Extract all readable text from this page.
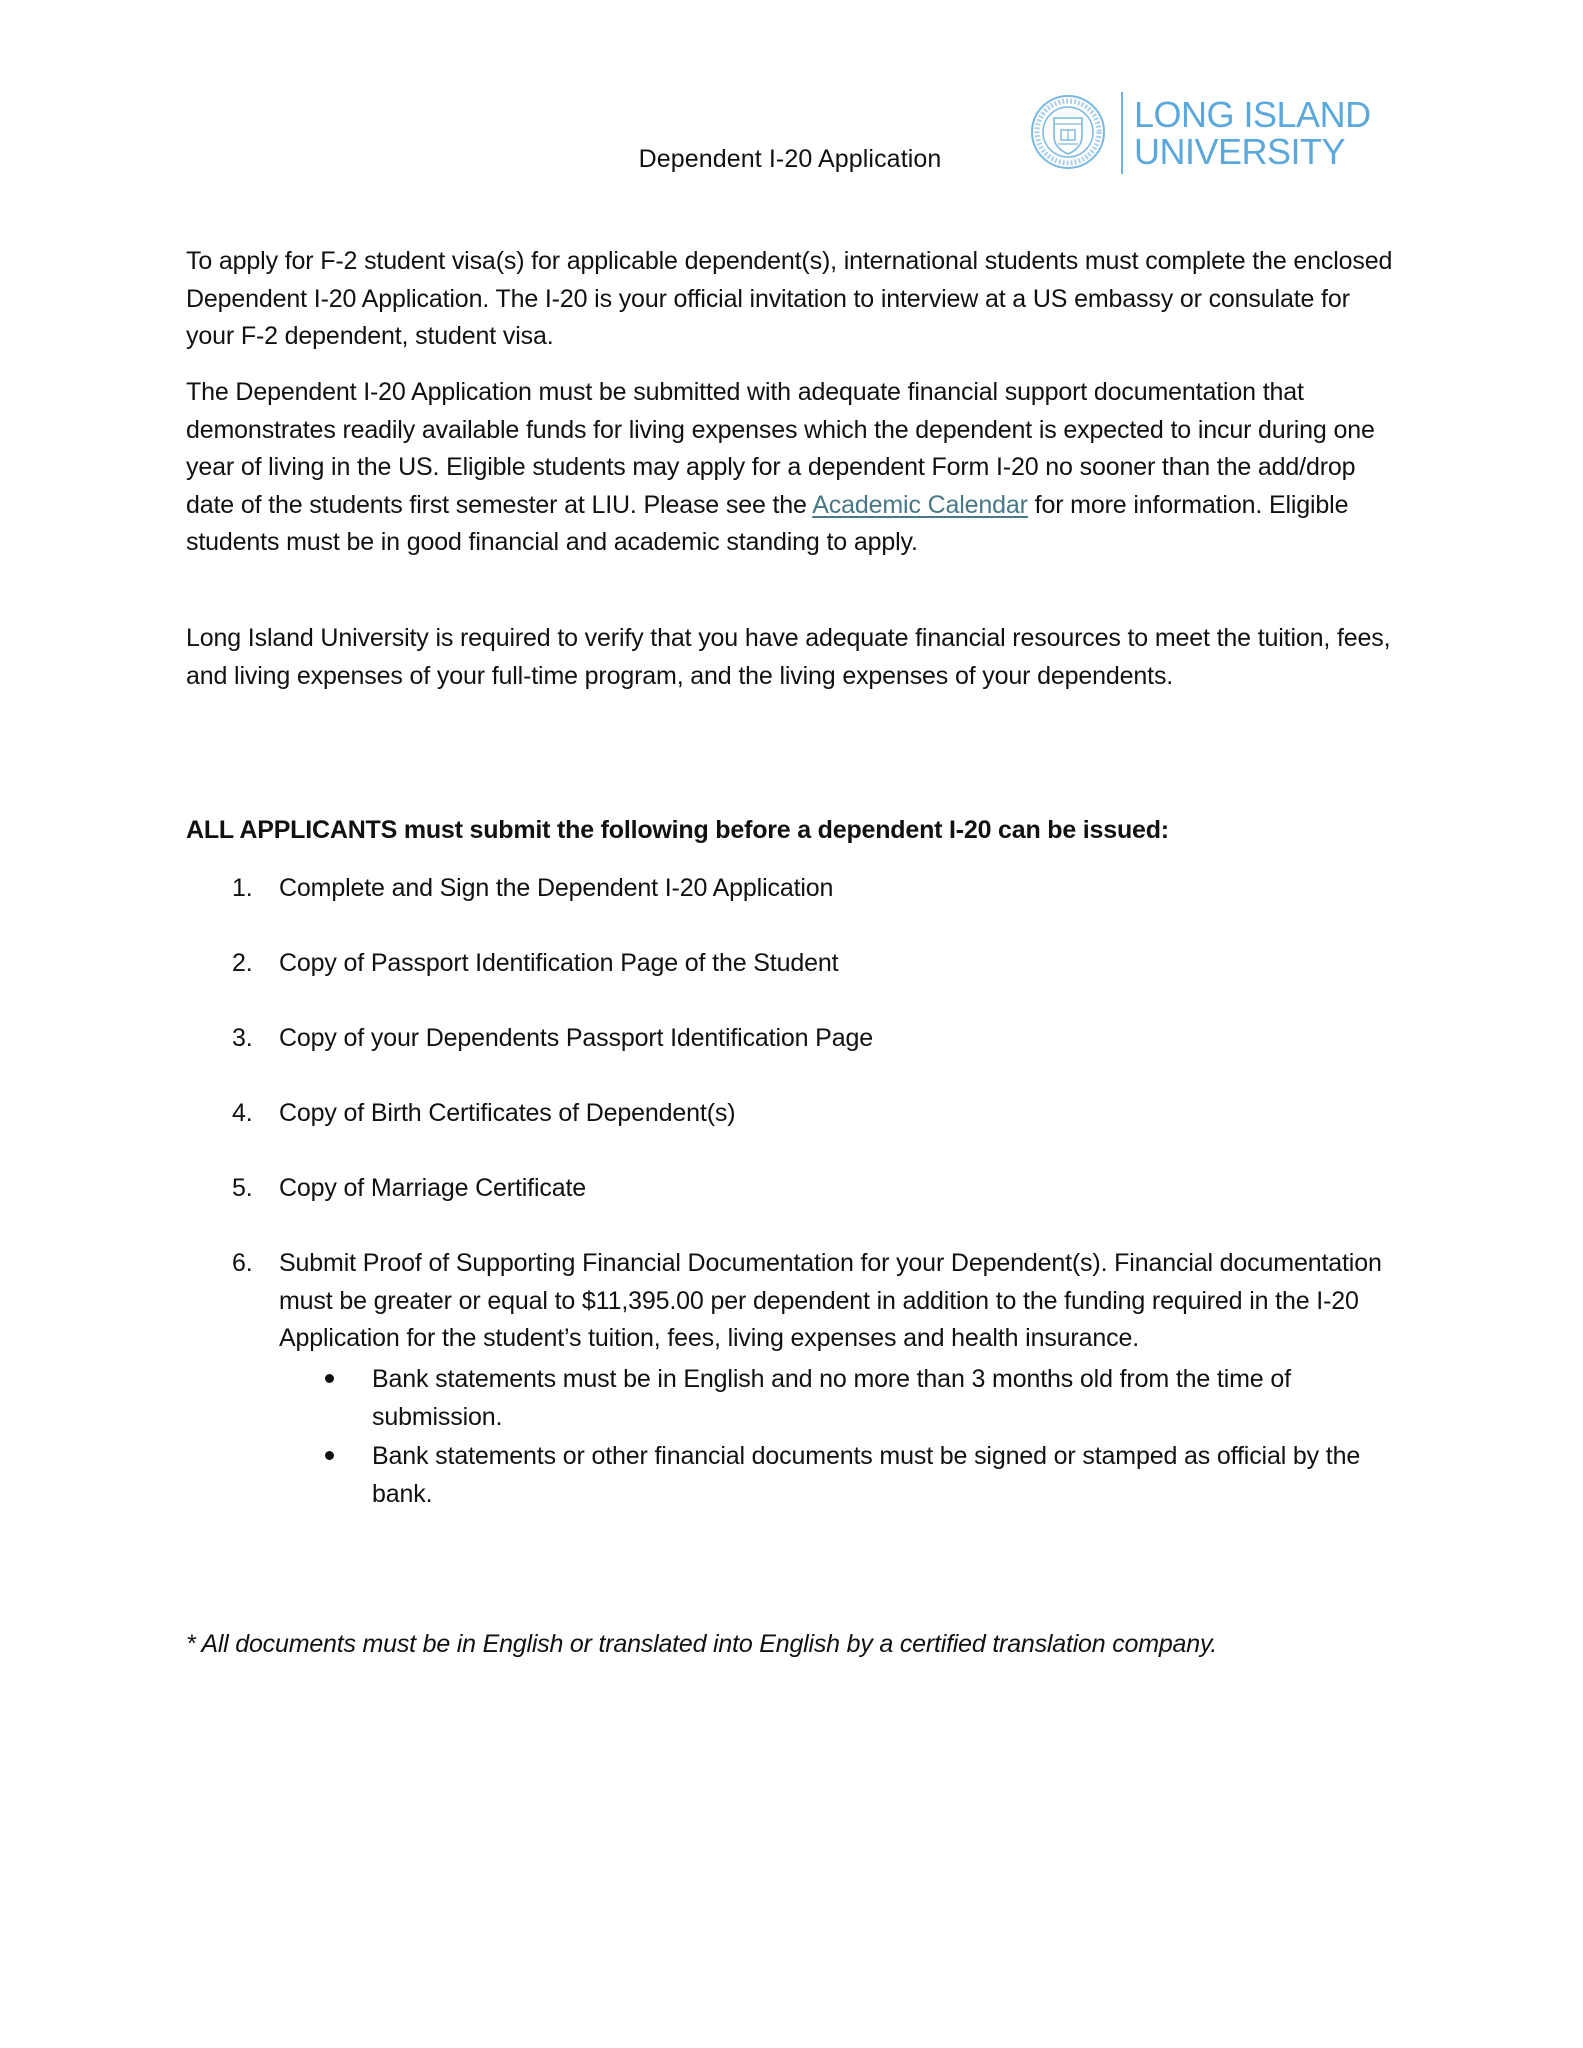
Dependent I-20 Application
LONG ISLAND
UNIVERSITY

To apply for F-2 student visa(s) for applicable dependent(s), international students must complete the enclosed Dependent I-20 Application. The I-20 is your official invitation to interview at a US embassy or consulate for your F-2 dependent, student visa.

The Dependent I-20 Application must be submitted with adequate financial support documentation that demonstrates readily available funds for living expenses which the dependent is expected to incur during one year of living in the US. Eligible students may apply for a dependent Form I-20 no sooner than the add/drop date of the students first semester at LIU. Please see the Academic Calendar for more information. Eligible students must be in good financial and academic standing to apply.

Long Island University is required to verify that you have adequate financial resources to meet the tuition, fees, and living expenses of your full-time program, and the living expenses of your dependents.

ALL APPLICANTS must submit the following before a dependent I-20 can be issued:
1. Complete and Sign the Dependent I-20 Application
2. Copy of Passport Identification Page of the Student
3. Copy of your Dependents Passport Identification Page
4. Copy of Birth Certificates of Dependent(s)
5. Copy of Marriage Certificate
6. Submit Proof of Supporting Financial Documentation for your Dependent(s). Financial documentation must be greater or equal to $11,395.00 per dependent in addition to the funding required in the I-20 Application for the student’s tuition, fees, living expenses and health insurance.
Bank statements must be in English and no more than 3 months old from the time of submission.
Bank statements or other financial documents must be signed or stamped as official by the bank.
* All documents must be in English or translated into English by a certified translation company.
